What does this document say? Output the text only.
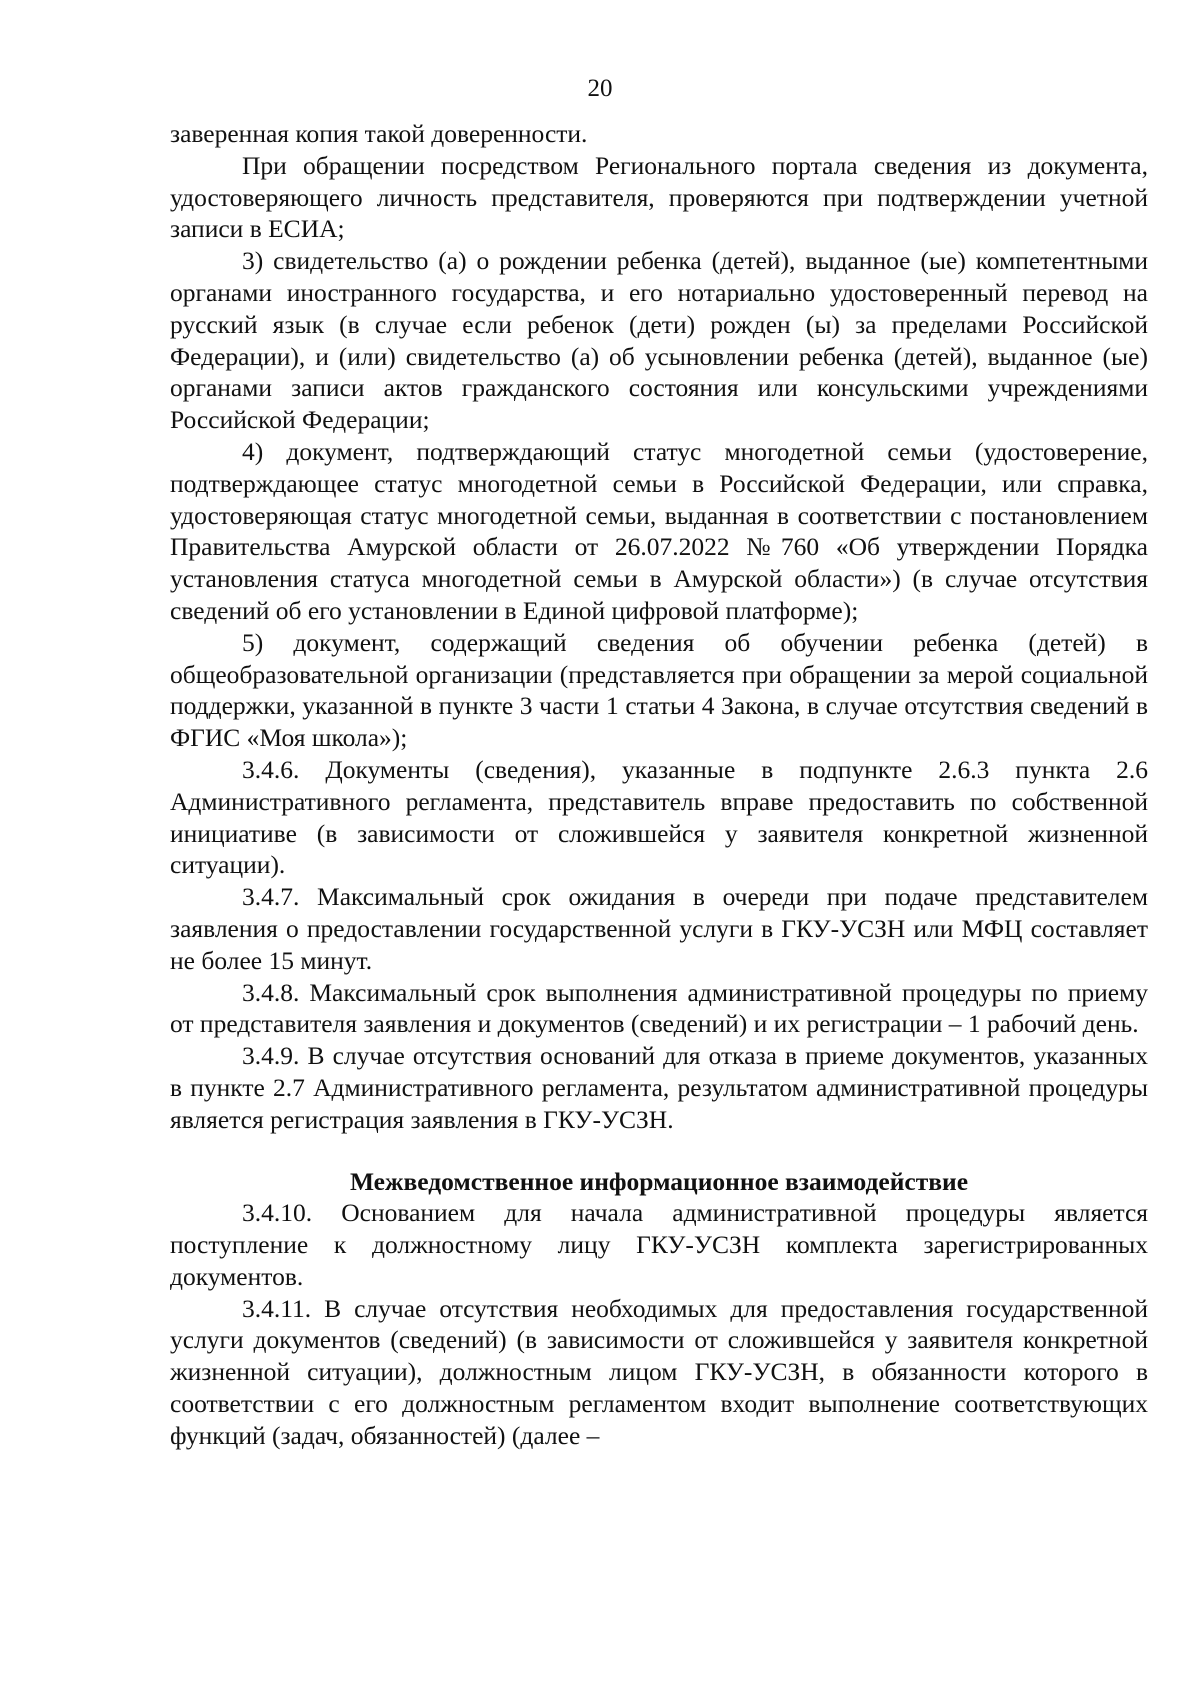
20

заверенная копия такой доверенности.

При обращении посредством Регионального портала сведения из документа, удостоверяющего личность представителя, проверяются при подтверждении учетной записи в ЕСИА;

3) свидетельство (а) о рождении ребенка (детей), выданное (ые) компетентными органами иностранного государства, и его нотариально удостоверенный перевод на русский язык (в случае если ребенок (дети) рожден (ы) за пределами Российской Федерации), и (или) свидетельство (а) об усыновлении ребенка (детей), выданное (ые) органами записи актов гражданского состояния или консульскими учреждениями Российской Федерации;

4) документ, подтверждающий статус многодетной семьи (удостоверение, подтверждающее статус многодетной семьи в Российской Федерации, или справка, удостоверяющая статус многодетной семьи, выданная в соответствии с постановлением Правительства Амурской области от 26.07.2022 №760 «Об утверждении Порядка установления статуса многодетной семьи в Амурской области») (в случае отсутствия сведений об его установлении в Единой цифровой платформе);

5) документ, содержащий сведения об обучении ребенка (детей) в общеобразовательной организации (представляется при обращении за мерой социальной поддержки, указанной в пункте 3 части 1 статьи 4 Закона, в случае отсутствия сведений в ФГИС «Моя школа»);

3.4.6. Документы (сведения), указанные в подпункте 2.6.3 пункта 2.6 Административного регламента, представитель вправе предоставить по собственной инициативе (в зависимости от сложившейся у заявителя конкретной жизненной ситуации).

3.4.7. Максимальный срок ожидания в очереди при подаче представителем заявления о предоставлении государственной услуги в ГКУ-УСЗН или МФЦ составляет не более 15 минут.

3.4.8. Максимальный срок выполнения административной процедуры по приему от представителя заявления и документов (сведений) и их регистрации – 1 рабочий день.

3.4.9. В случае отсутствия оснований для отказа в приеме документов, указанных в пункте 2.7 Административного регламента, результатом административной процедуры является регистрация заявления в ГКУ-УСЗН.

Межведомственное информационное взаимодействие

3.4.10. Основанием для начала административной процедуры является поступление к должностному лицу ГКУ-УСЗН комплекта зарегистрированных документов.

3.4.11. В случае отсутствия необходимых для предоставления государственной услуги документов (сведений) (в зависимости от сложившейся у заявителя конкретной жизненной ситуации), должностным лицом ГКУ-УСЗН, в обязанности которого в соответствии с его должностным регламентом входит выполнение соответствующих функций (задач, обязанностей) (далее –
